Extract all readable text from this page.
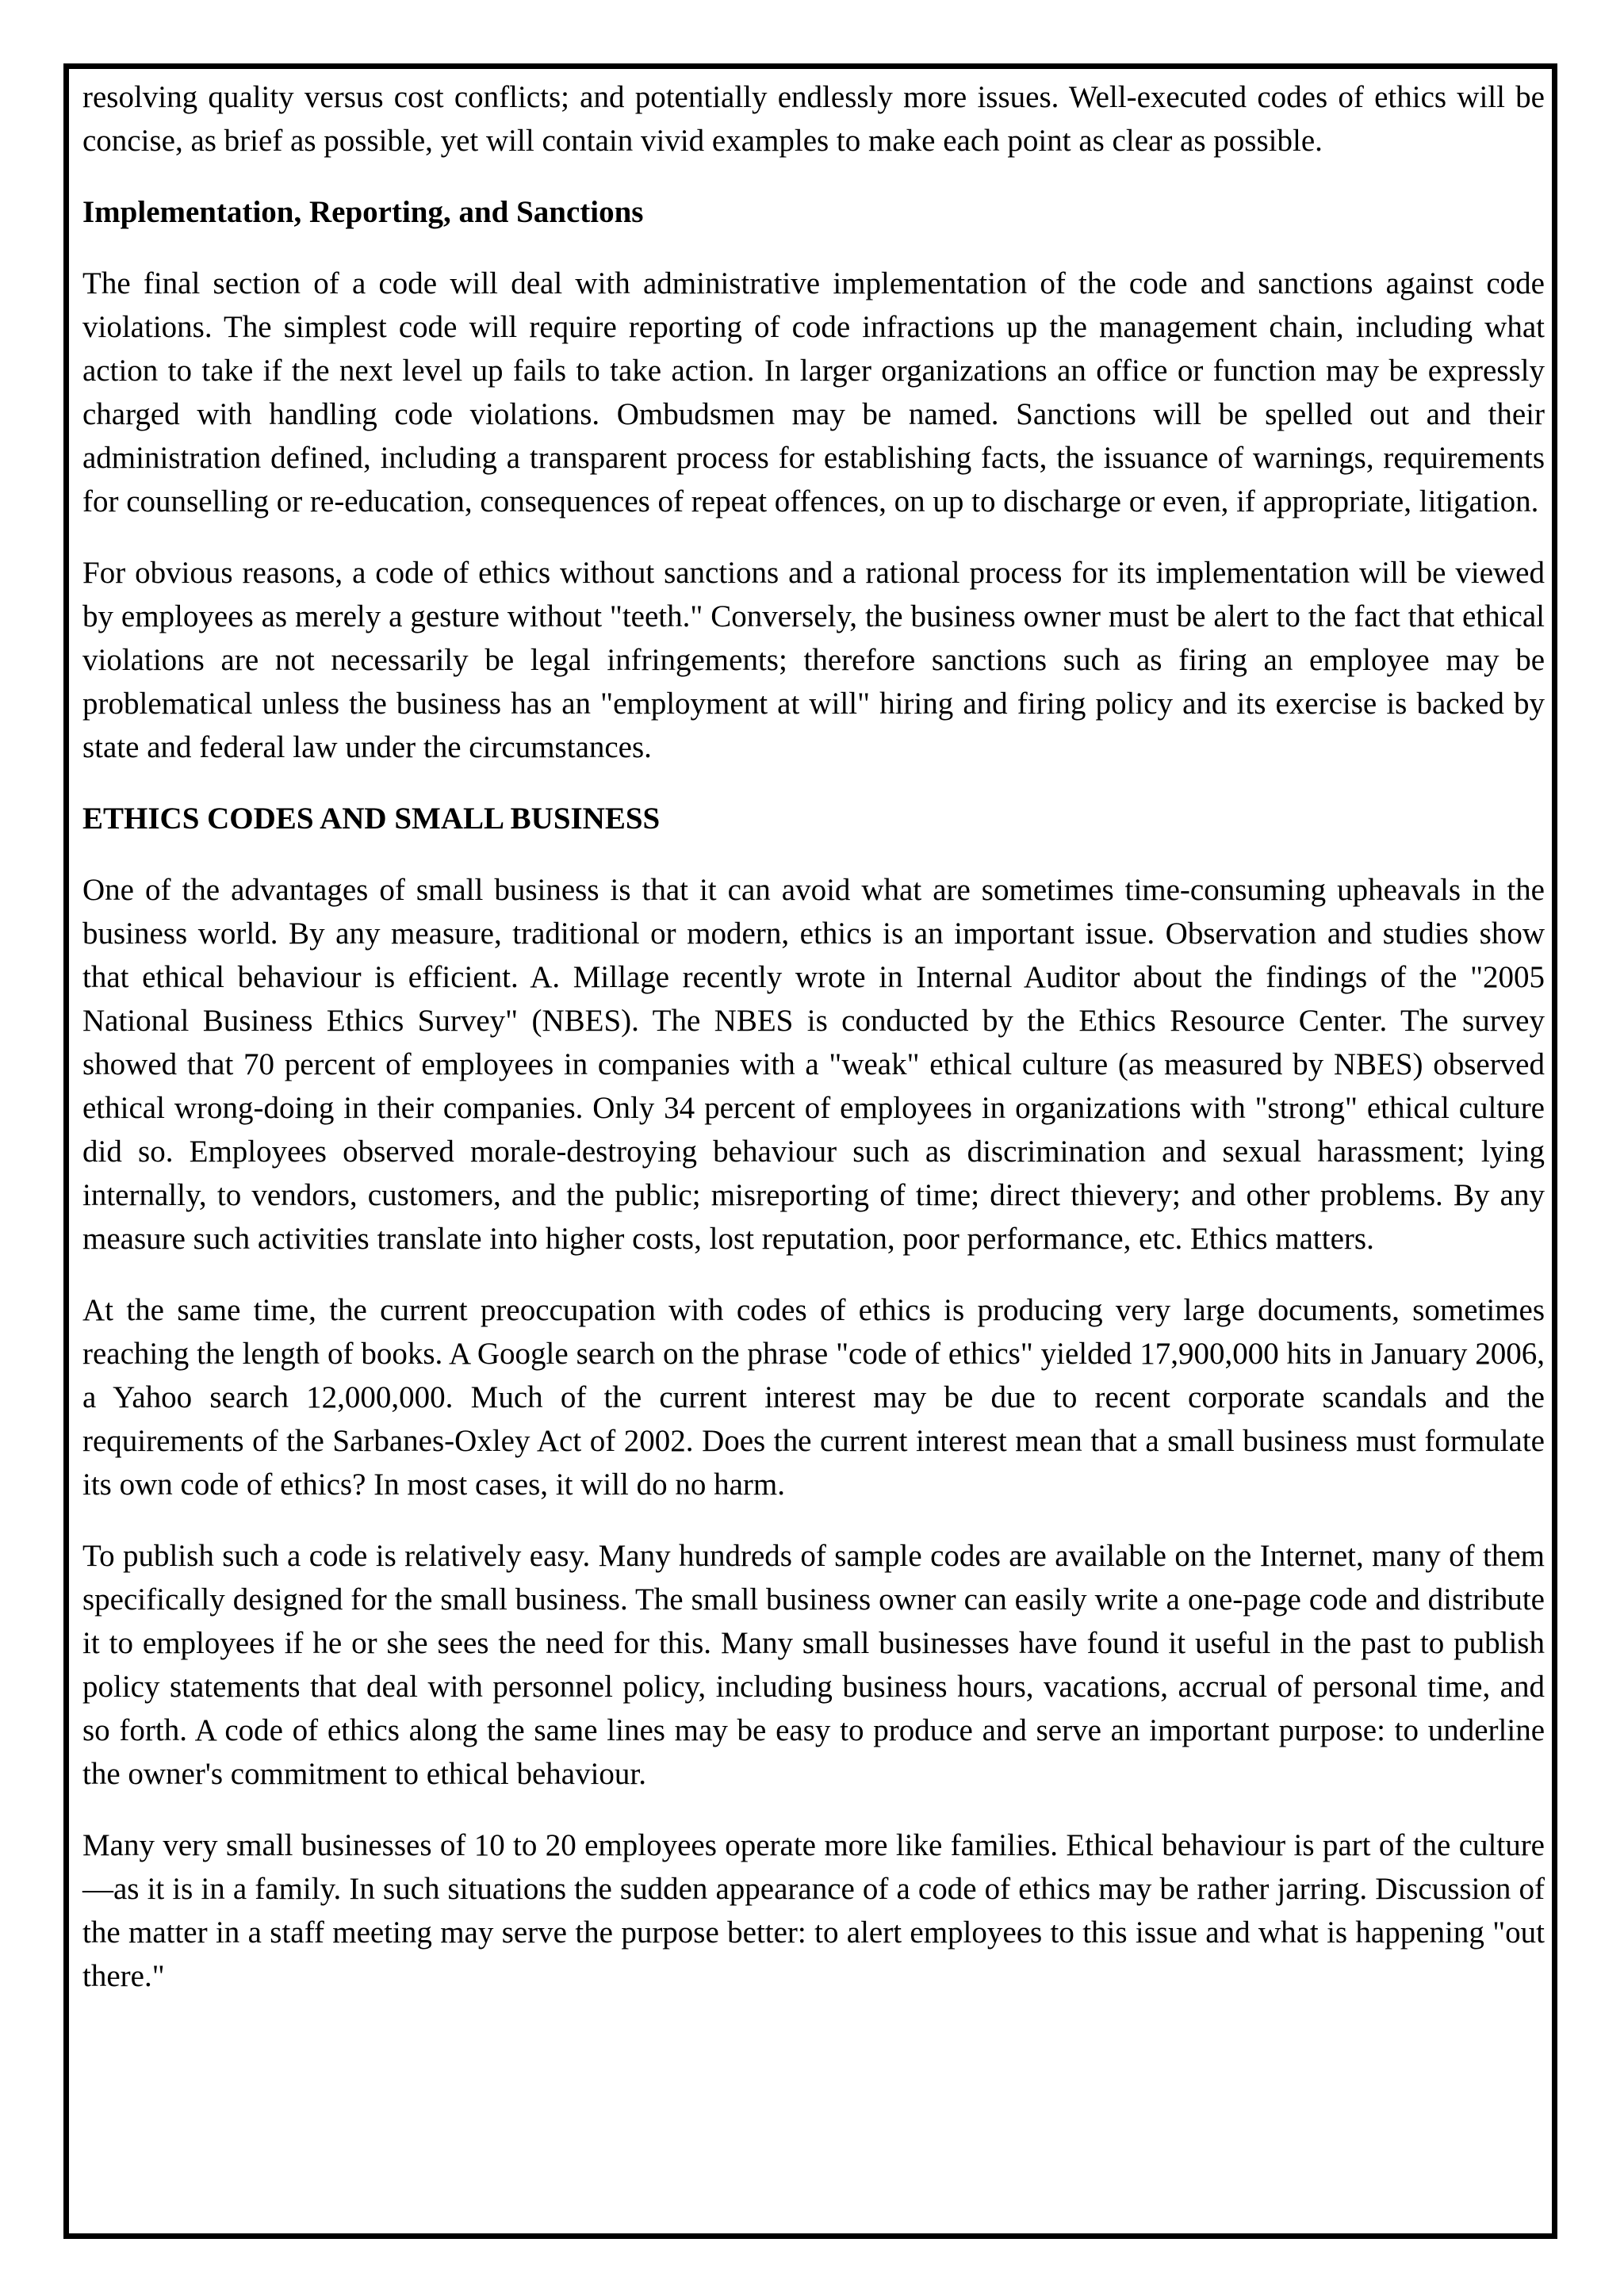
resolving quality versus cost conflicts; and potentially endlessly more issues. Well-executed codes of ethics will be concise, as brief as possible, yet will contain vivid examples to make each point as clear as possible.

Implementation, Reporting, and Sanctions

The final section of a code will deal with administrative implementation of the code and sanctions against code violations. The simplest code will require reporting of code infractions up the management chain, including what action to take if the next level up fails to take action. In larger organizations an office or function may be expressly charged with handling code violations. Ombudsmen may be named. Sanctions will be spelled out and their administration defined, including a transparent process for establishing facts, the issuance of warnings, requirements for counselling or re-education, consequences of repeat offences, on up to discharge or even, if appropriate, litigation.

For obvious reasons, a code of ethics without sanctions and a rational process for its implementation will be viewed by employees as merely a gesture without "teeth." Conversely, the business owner must be alert to the fact that ethical violations are not necessarily be legal infringements; therefore sanctions such as firing an employee may be problematical unless the business has an "employment at will" hiring and firing policy and its exercise is backed by state and federal law under the circumstances.

ETHICS CODES AND SMALL BUSINESS

One of the advantages of small business is that it can avoid what are sometimes time-consuming upheavals in the business world. By any measure, traditional or modern, ethics is an important issue. Observation and studies show that ethical behaviour is efficient. A. Millage recently wrote in Internal Auditor about the findings of the "2005 National Business Ethics Survey" (NBES). The NBES is conducted by the Ethics Resource Center. The survey showed that 70 percent of employees in companies with a "weak" ethical culture (as measured by NBES) observed ethical wrong-doing in their companies. Only 34 percent of employees in organizations with "strong" ethical culture did so. Employees observed morale-destroying behaviour such as discrimination and sexual harassment; lying internally, to vendors, customers, and the public; misreporting of time; direct thievery; and other problems. By any measure such activities translate into higher costs, lost reputation, poor performance, etc. Ethics matters.

At the same time, the current preoccupation with codes of ethics is producing very large documents, sometimes reaching the length of books. A Google search on the phrase "code of ethics" yielded 17,900,000 hits in January 2006, a Yahoo search 12,000,000. Much of the current interest may be due to recent corporate scandals and the requirements of the Sarbanes-Oxley Act of 2002. Does the current interest mean that a small business must formulate its own code of ethics? In most cases, it will do no harm.

To publish such a code is relatively easy. Many hundreds of sample codes are available on the Internet, many of them specifically designed for the small business. The small business owner can easily write a one-page code and distribute it to employees if he or she sees the need for this. Many small businesses have found it useful in the past to publish policy statements that deal with personnel policy, including business hours, vacations, accrual of personal time, and so forth. A code of ethics along the same lines may be easy to produce and serve an important purpose: to underline the owner's commitment to ethical behaviour.

Many very small businesses of 10 to 20 employees operate more like families. Ethical behaviour is part of the culture—as it is in a family. In such situations the sudden appearance of a code of ethics may be rather jarring. Discussion of the matter in a staff meeting may serve the purpose better: to alert employees to this issue and what is happening "out there."
